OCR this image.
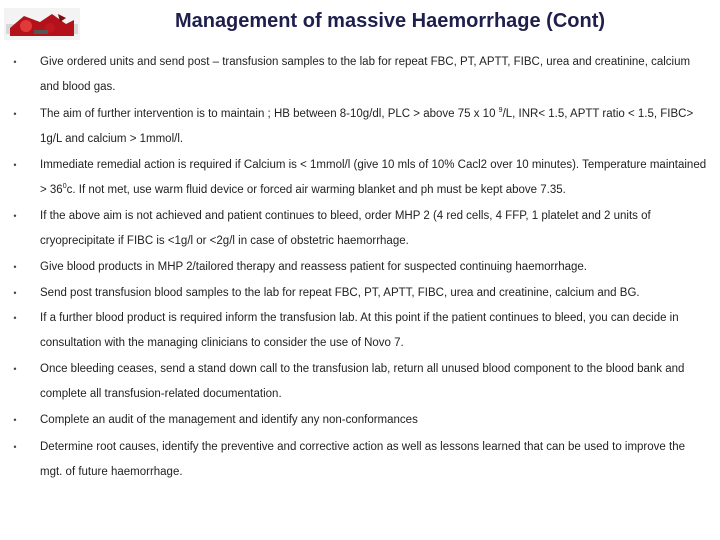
Management of massive Haemorrhage (Cont)
• Give ordered units and send post – transfusion samples to the lab for repeat FBC, PT, APTT, FIBC, urea and creatinine, calcium and blood gas.
• The aim of further intervention is to maintain ; HB between 8-10g/dl, PLC > above 75 x 10 $^9$/L, INR< 1.5, APTT ratio < 1.5, FIBC> 1g/L and calcium > 1mmol/l.
• Immediate remedial action is required if Calcium is < 1mmol/l (give 10 mls of 10% Cacl2 over 10 minutes). Temperature maintained > $36^0c$. If not met, use warm fluid device or forced air warming blanket and ph must be kept above 7.35.
• If the above aim is not achieved and patient continues to bleed, order MHP 2 (4 red cells, 4 FFP, 1 platelet and 2 units of cryoprecipitate if FIBC is <1g/l or <2g/l in case of obstetric haemorrhage.
• Give blood products in MHP 2/tailored therapy and reassess patient for suspected continuing haemorrhage.
• Send post transfusion blood samples to the lab for repeat FBC, PT, APTT, FIBC, urea and creatinine, calcium and BG.
• If a further blood product is required inform the transfusion lab. At this point if the patient continues to bleed, you can decide in consultation with the managing clinicians to consider the use of Novo 7.
• Once bleeding ceases, send a stand down call to the transfusion lab, return all unused blood component to the blood bank and complete all transfusion-related documentation.
• Complete an audit of the management and identify any non-conformances
• Determine root causes, identify the preventive and corrective action as well as lessons learned that can be used to improve the mgt. of future haemorrhage.
